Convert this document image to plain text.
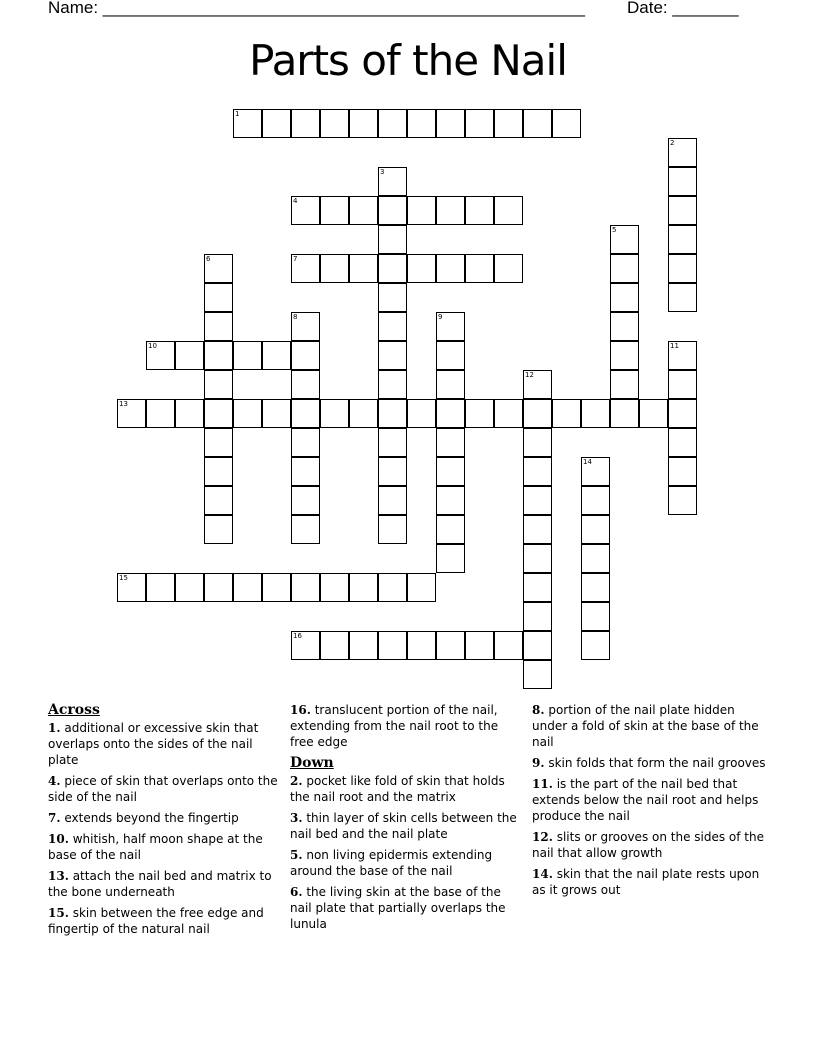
Name: ___________________________________________________ Date: _______
Parts of the Nail
1
2
3
4
5
6	7
8	9
10	11
12
13
14
15
16
Across
1. additional or excessive skin that overlaps onto the sides of the nail plate
4. piece of skin that overlaps onto the side of the nail
7. extends beyond the fingertip
10. whitish, half moon shape at the base of the nail
13. attach the nail bed and matrix to the bone underneath
15. skin between the free edge and fingertip of the natural nail
16. translucent portion of the nail, extending from the nail root to the free edge
Down
2. pocket like fold of skin that holds the nail root and the matrix
3. thin layer of skin cells between the nail bed and the nail plate
5. non living epidermis extending around the base of the nail
6. the living skin at the base of the nail plate that partially overlaps the lunula
8. portion of the nail plate hidden under a fold of skin at the base of the nail
9. skin folds that form the nail grooves
11. is the part of the nail bed that extends below the nail root and helps produce the nail
12. slits or grooves on the sides of the nail that allow growth
14. skin that the nail plate rests upon as it grows out
